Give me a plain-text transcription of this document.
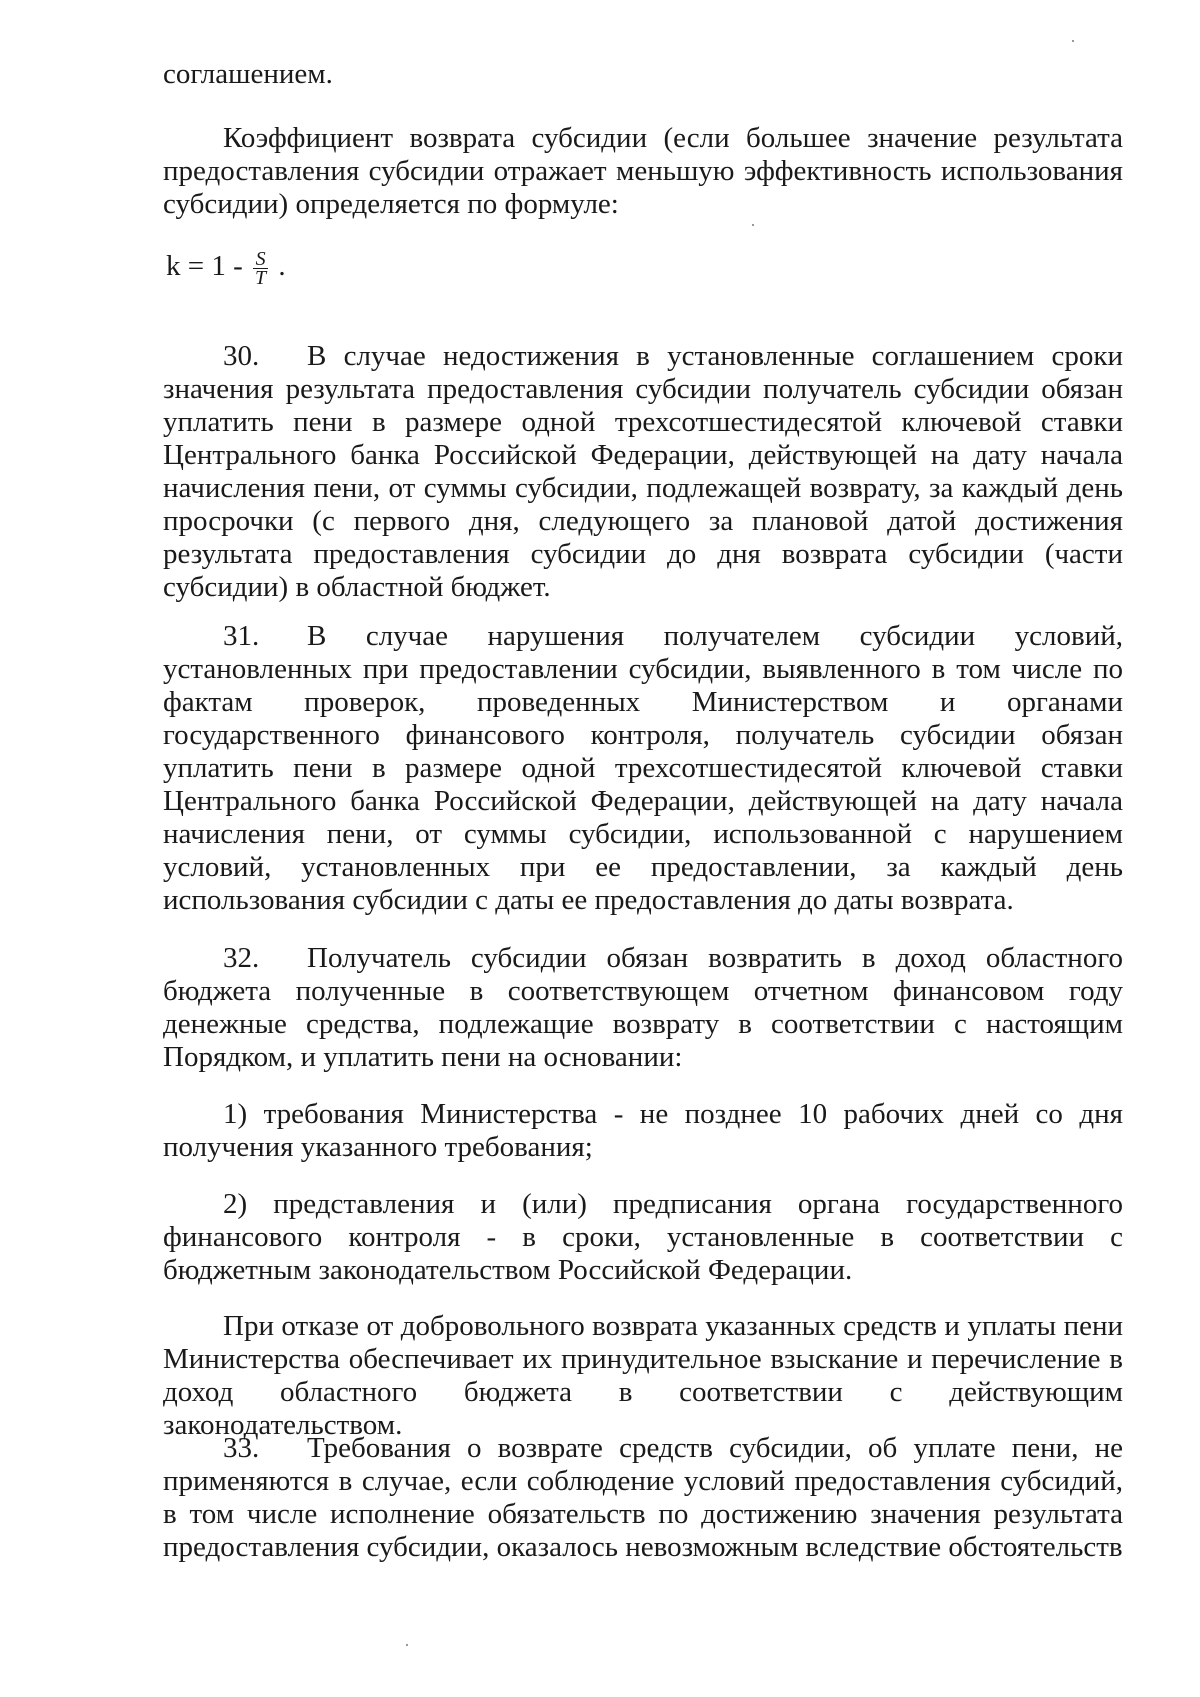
соглашением.

Коэффициент возврата субсидии (если большее значение результата предоставления субсидии отражает меньшую эффективность использования субсидии) определяется по формуле:

$k = 1 - \frac{S}{T}$ .

30. В случае недостижения в установленные соглашением сроки значения результата предоставления субсидии получатель субсидии обязан уплатить пени в размере одной трехсотшестидесятой ключевой ставки Центрального банка Российской Федерации, действующей на дату начала начисления пени, от суммы субсидии, подлежащей возврату, за каждый день просрочки (с первого дня, следующего за плановой датой достижения результата предоставления субсидии до дня возврата субсидии (части субсидии) в областной бюджет.

31. В случае нарушения получателем субсидии условий, установленных при предоставлении субсидии, выявленного в том числе по фактам проверок, проведенных Министерством и органами государственного финансового контроля, получатель субсидии обязан уплатить пени в размере одной трехсотшестидесятой ключевой ставки Центрального банка Российской Федерации, действующей на дату начала начисления пени, от суммы субсидии, использованной с нарушением условий, установленных при ее предоставлении, за каждый день использования субсидии с даты ее предоставления до даты возврата.

32. Получатель субсидии обязан возвратить в доход областного бюджета полученные в соответствующем отчетном финансовом году денежные средства, подлежащие возврату в соответствии с настоящим Порядком, и уплатить пени на основании:

1) требования Министерства - не позднее 10 рабочих дней со дня получения указанного требования;

2) представления и (или) предписания органа государственного финансового контроля - в сроки, установленные в соответствии с бюджетным законодательством Российской Федерации.

При отказе от добровольного возврата указанных средств и уплаты пени Министерства обеспечивает их принудительное взыскание и перечисление в доход областного бюджета в соответствии с действующим законодательством.

33. Требования о возврате средств субсидии, об уплате пени, не применяются в случае, если соблюдение условий предоставления субсидий, в том числе исполнение обязательств по достижению значения результата предоставления субсидии, оказалось невозможным вследствие обстоятельств
